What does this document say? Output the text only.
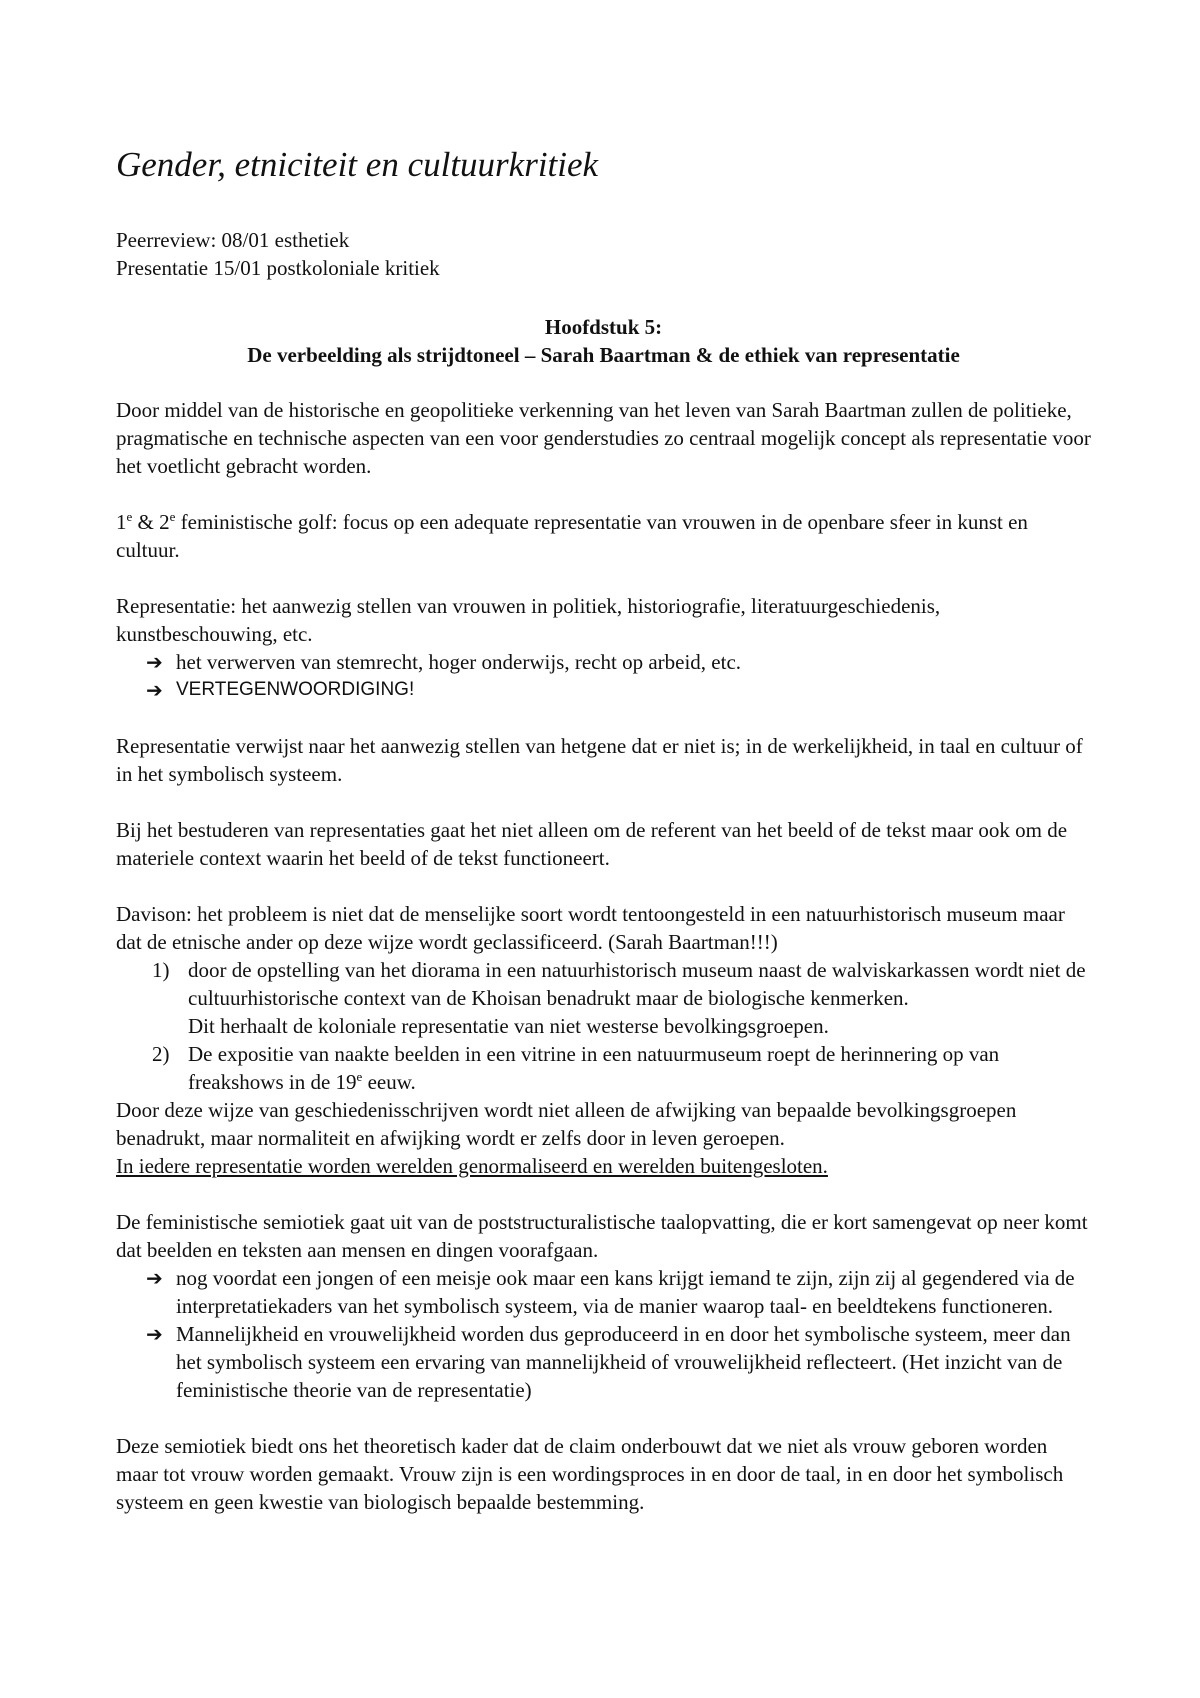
Gender, etniciteit en cultuurkritiek
Peerreview: 08/01 esthetiek
Presentatie 15/01 postkoloniale kritiek
Hoofdstuk 5:
De verbeelding als strijdtoneel – Sarah Baartman & de ethiek van representatie

Door middel van de historische en geopolitieke verkenning van het leven van Sarah Baartman zullen de politieke, pragmatische en technische aspecten van een voor genderstudies zo centraal mogelijk concept als representatie voor het voetlicht gebracht worden.

1e & 2e feministische golf: focus op een adequate representatie van vrouwen in de openbare sfeer in kunst en cultuur.

Representatie: het aanwezig stellen van vrouwen in politiek, historiografie, literatuurgeschiedenis, kunstbeschouwing, etc.

➔ het verwerven van stemrecht, hoger onderwijs, recht op arbeid, etc.
➔ VERTEGENWOORDIGING!

Representatie verwijst naar het aanwezig stellen van hetgene dat er niet is; in de werkelijkheid, in taal en cultuur of in het symbolisch systeem.

Bij het bestuderen van representaties gaat het niet alleen om de referent van het beeld of de tekst maar ook om de materiele context waarin het beeld of de tekst functioneert.

Davison: het probleem is niet dat de menselijke soort wordt tentoongesteld in een natuurhistorisch museum maar dat de etnische ander op deze wijze wordt geclassificeerd. (Sarah Baartman!!!)

1) door de opstelling van het diorama in een natuurhistorisch museum naast de walviskarkassen wordt niet de cultuurhistorische context van de Khoisan benadrukt maar de biologische kenmerken.
Dit herhaalt de koloniale representatie van niet westerse bevolkingsgroepen.
2) De expositie van naakte beelden in een vitrine in een natuurmuseum roept de herinnering op van freakshows in de 19e eeuw.
Door deze wijze van geschiedenisschrijven wordt niet alleen de afwijking van bepaalde bevolkingsgroepen benadrukt, maar normaliteit en afwijking wordt er zelfs door in leven geroepen.
In iedere representatie worden werelden genormaliseerd en werelden buitengesloten.

De feministische semiotiek gaat uit van de poststructuralistische taalopvatting, die er kort samengevat op neer komt dat beelden en teksten aan mensen en dingen voorafgaan.

➔ nog voordat een jongen of een meisje ook maar een kans krijgt iemand te zijn, zijn zij al gegendered via de interpretatiekaders van het symbolisch systeem, via de manier waarop taal- en beeldtekens functioneren.
➔ Mannelijkheid en vrouwelijkheid worden dus geproduceerd in en door het symbolische systeem, meer dan het symbolisch systeem een ervaring van mannelijkheid of vrouwelijkheid reflecteert. (Het inzicht van de feministische theorie van de representatie)

Deze semiotiek biedt ons het theoretisch kader dat de claim onderbouwt dat we niet als vrouw geboren worden maar tot vrouw worden gemaakt. Vrouw zijn is een wordingsproces in en door de taal, in en door het symbolisch systeem en geen kwestie van biologisch bepaalde bestemming.
